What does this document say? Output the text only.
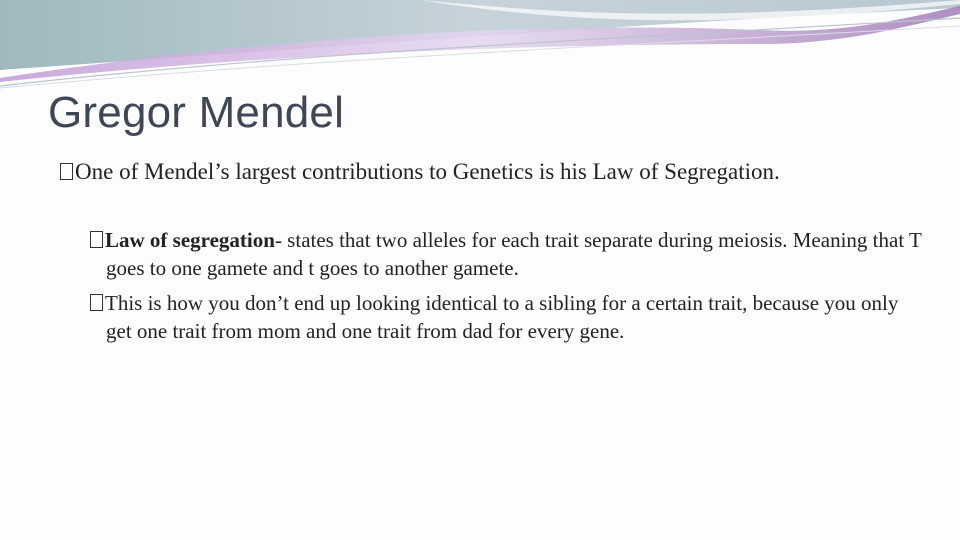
Gregor Mendel
One of Mendel’s largest contributions to Genetics is his Law of Segregation.
Law of segregation- states that two alleles for each trait separate during meiosis. Meaning that T goes to one gamete and t goes to another gamete.
This is how you don’t end up looking identical to a sibling for a certain trait, because you only get one trait from mom and one trait from dad for every gene.
